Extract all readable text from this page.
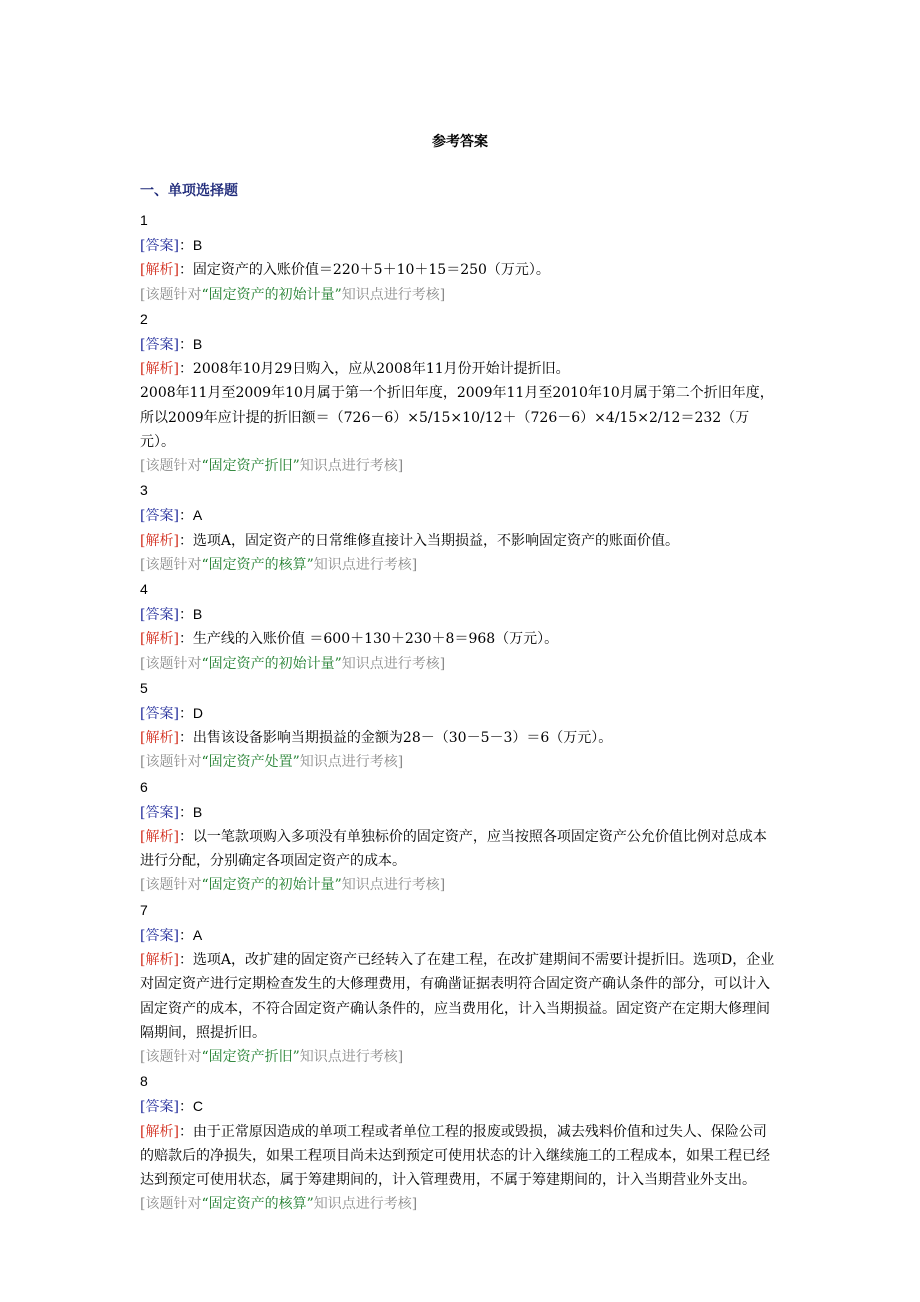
参考答案
一、单项选择题
1
[答案]：B
[解析]：固定资产的入账价值＝220＋5＋10＋15＝250（万元）。
[该题针对“固定资产的初始计量”知识点进行考核]
2
[答案]：B
[解析]：2008年10月29日购入，应从2008年11月份开始计提折旧。
2008年11月至2009年10月属于第一个折旧年度，2009年11月至2010年10月属于第二个折旧年度，所以2009年应计提的折旧额＝（726－6）×5/15×10/12＋（726－6）×4/15×2/12＝232（万元）。
[该题针对“固定资产折旧”知识点进行考核]
3
[答案]：A
[解析]：选项A，固定资产的日常维修直接计入当期损益，不影响固定资产的账面价值。
[该题针对“固定资产的核算”知识点进行考核]
4
[答案]：B
[解析]：生产线的入账价值 ＝600＋130＋230＋8＝968（万元）。
[该题针对“固定资产的初始计量”知识点进行考核]
5
[答案]：D
[解析]：出售该设备影响当期损益的金额为28－（30－5－3）＝6（万元）。
[该题针对“固定资产处置”知识点进行考核]
6
[答案]：B
[解析]：以一笔款项购入多项没有单独标价的固定资产，应当按照各项固定资产公允价值比例对总成本进行分配，分别确定各项固定资产的成本。
[该题针对“固定资产的初始计量”知识点进行考核]
7
[答案]：A
[解析]：选项A，改扩建的固定资产已经转入了在建工程，在改扩建期间不需要计提折旧。选项D，企业对固定资产进行定期检查发生的大修理费用，有确凿证据表明符合固定资产确认条件的部分，可以计入固定资产的成本，不符合固定资产确认条件的，应当费用化，计入当期损益。固定资产在定期大修理间隔期间，照提折旧。
[该题针对“固定资产折旧”知识点进行考核]
8
[答案]：C
[解析]：由于正常原因造成的单项工程或者单位工程的报废或毁损，减去残料价值和过失人、保险公司的赔款后的净损失，如果工程项目尚未达到预定可使用状态的计入继续施工的工程成本，如果工程已经达到预定可使用状态，属于筹建期间的，计入管理费用，不属于筹建期间的，计入当期营业外支出。
[该题针对“固定资产的核算”知识点进行考核]
